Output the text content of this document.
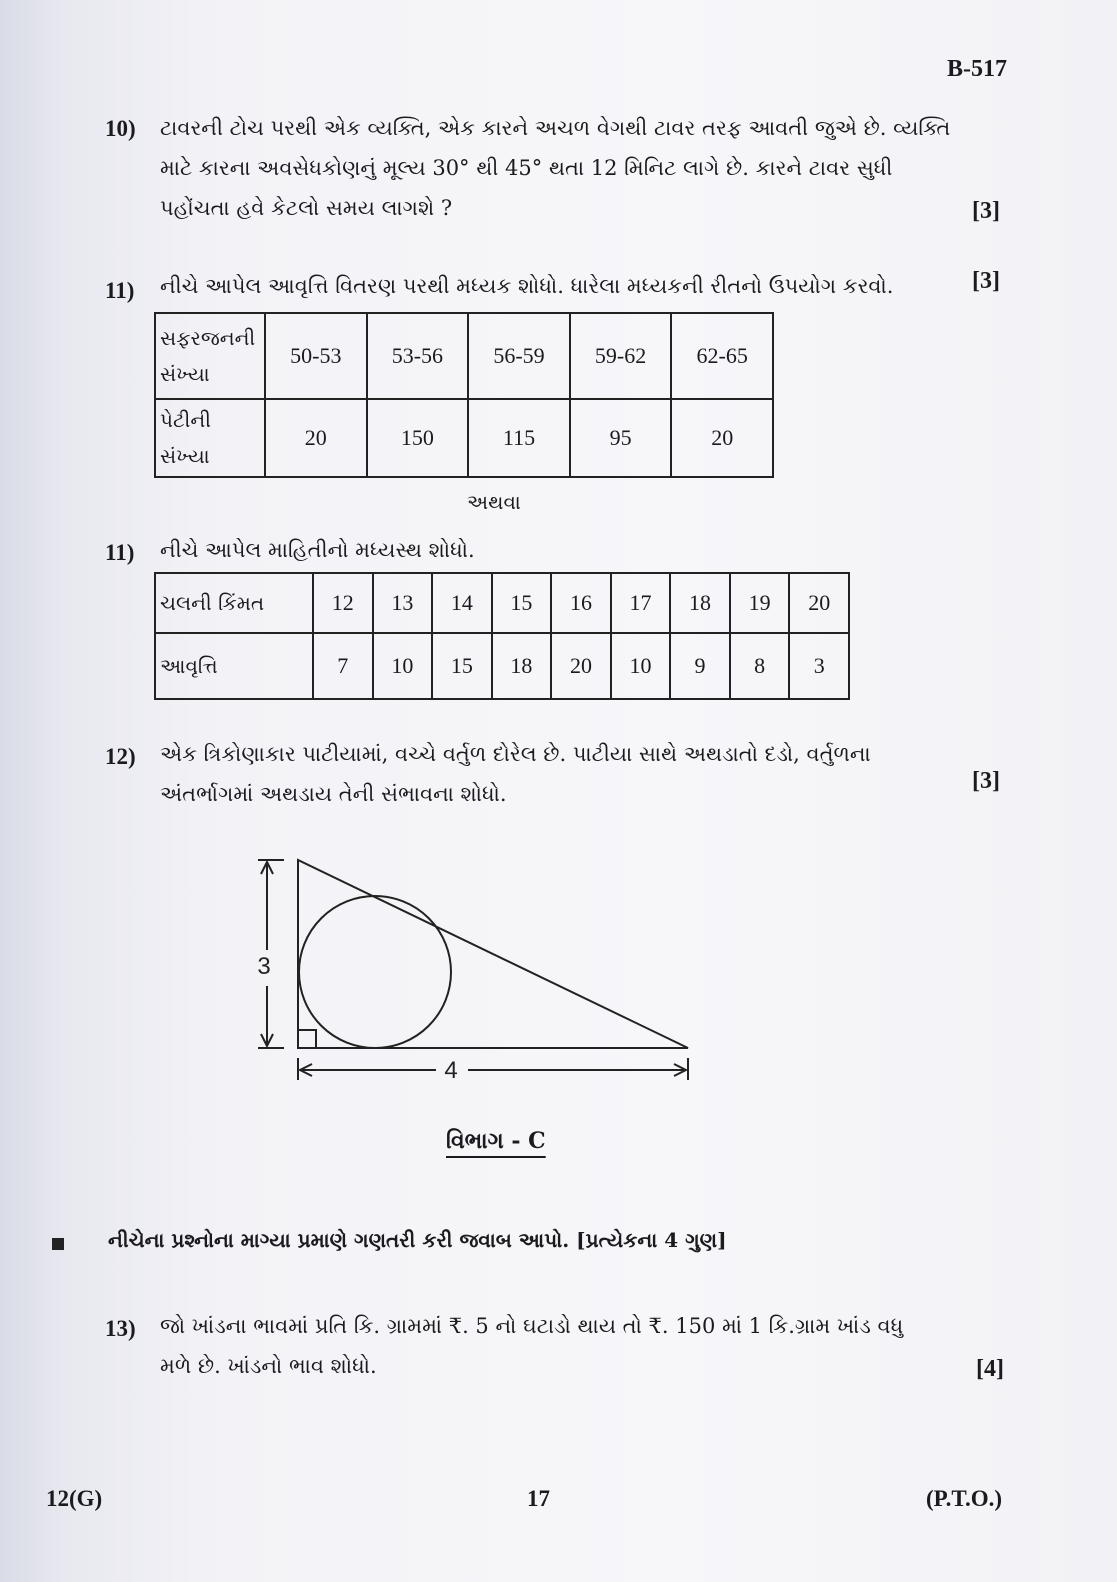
B-517
10) ટાવરની ટોચ પરથી એક વ્યક્તિ, એક કારને અચળ વેગથી ટાવર તરફ આવતી જુએ છે. વ્યક્તિ
માટે કારના અવસેધકોણનું મૂલ્ય 30° થી 45° થતા 12 મિનિટ લાગે છે. કારને ટાવર સુધી
પહોંચતા હવે કેટલો સમય લાગશે ?	[3]
11) નીચે આપેલ આવૃત્તિ વિતરણ પરથી મધ્યક શોધો. ધારેલા મધ્યકની રીતનો ઉપયોગ કરવો.	[3]
સફરજનની
સંખ્યા	50-53	53-56	56-59	59-62	62-65

પેટીની
સંખ્યા	20	150	115	95	20
અથવા
11) નીચે આપેલ માહિતીનો મધ્યસ્થ શોધો.
ચલની કિંમત	12	13	14	15	16	17	18	19	20
આવૃત્તિ	7	10	15	18	20	10	9	8	3
12) એક ત્રિકોણાકાર પાટીયામાં, વચ્ચે વર્તુળ દોરેલ છે. પાટીયા સાથે અથડાતો દડો, વર્તુળના
અંતર્ભાગમાં અથડાય તેની સંભાવના શોધો.	[3]
3
4
વિભાગ - C
નીચેના પ્રશ્નોના માગ્યા પ્રમાણે ગણતરી કરી જવાબ આપો. [પ્રત્યેકના 4 ગુણ]
13) જો ખાંડના ભાવમાં પ્રતિ કિ. ગ્રામમાં ₹. 5 નો ઘટાડો થાય તો ₹. 150 માં 1 કિ.ગ્રામ ખાંડ વધુ
મળે છે. ખાંડનો ભાવ શોધો.	[4]
12(G)	17	(P.T.O.)
